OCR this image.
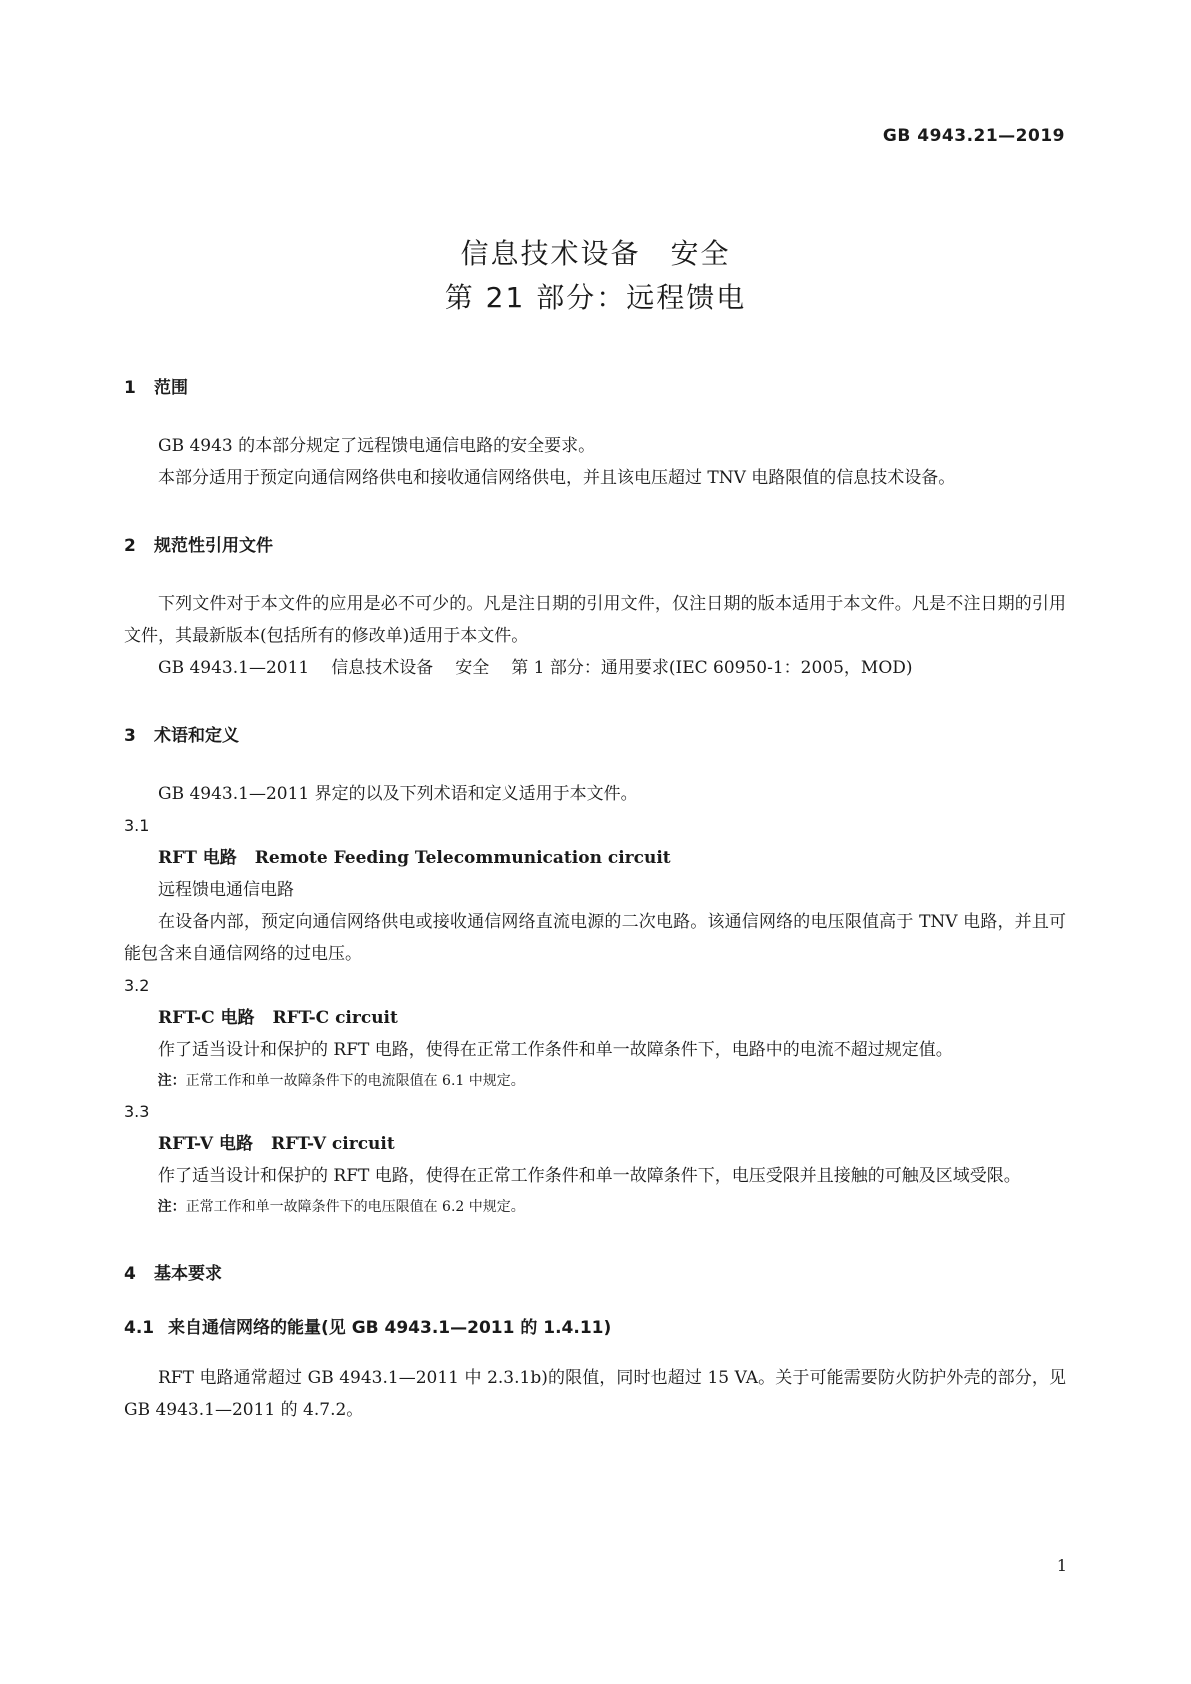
GB 4943.21—2019
信息技术设备　安全
第 21 部分：远程馈电
1 范围

GB 4943 的本部分规定了远程馈电通信电路的安全要求。

本部分适用于预定向通信网络供电和接收通信网络供电，并且该电压超过 TNV 电路限值的信息技术设备。

2 规范性引用文件

下列文件对于本文件的应用是必不可少的。凡是注日期的引用文件，仅注日期的版本适用于本文件。凡是不注日期的引用文件，其最新版本(包括所有的修改单)适用于本文件。

GB 4943.1—2011 信息技术设备 安全 第 1 部分：通用要求(IEC 60950-1：2005，MOD)

3 术语和定义

GB 4943.1—2011 界定的以及下列术语和定义适用于本文件。

3.1

RFT 电路 Remote Feeding Telecommunication circuit

远程馈电通信电路

在设备内部，预定向通信网络供电或接收通信网络直流电源的二次电路。该通信网络的电压限值高于 TNV 电路，并且可能包含来自通信网络的过电压。

3.2

RFT-C 电路 RFT-C circuit

作了适当设计和保护的 RFT 电路，使得在正常工作条件和单一故障条件下，电路中的电流不超过规定值。

注：正常工作和单一故障条件下的电流限值在 6.1 中规定。

3.3

RFT-V 电路 RFT-V circuit

作了适当设计和保护的 RFT 电路，使得在正常工作条件和单一故障条件下，电压受限并且接触的可触及区域受限。

注：正常工作和单一故障条件下的电压限值在 6.2 中规定。

4 基本要求
4.1 来自通信网络的能量(见 GB 4943.1—2011 的 1.4.11)

RFT 电路通常超过 GB 4943.1—2011 中 2.3.1b)的限值，同时也超过 15 VA。关于可能需要防火防护外壳的部分，见 GB 4943.1—2011 的 4.7.2。

1
